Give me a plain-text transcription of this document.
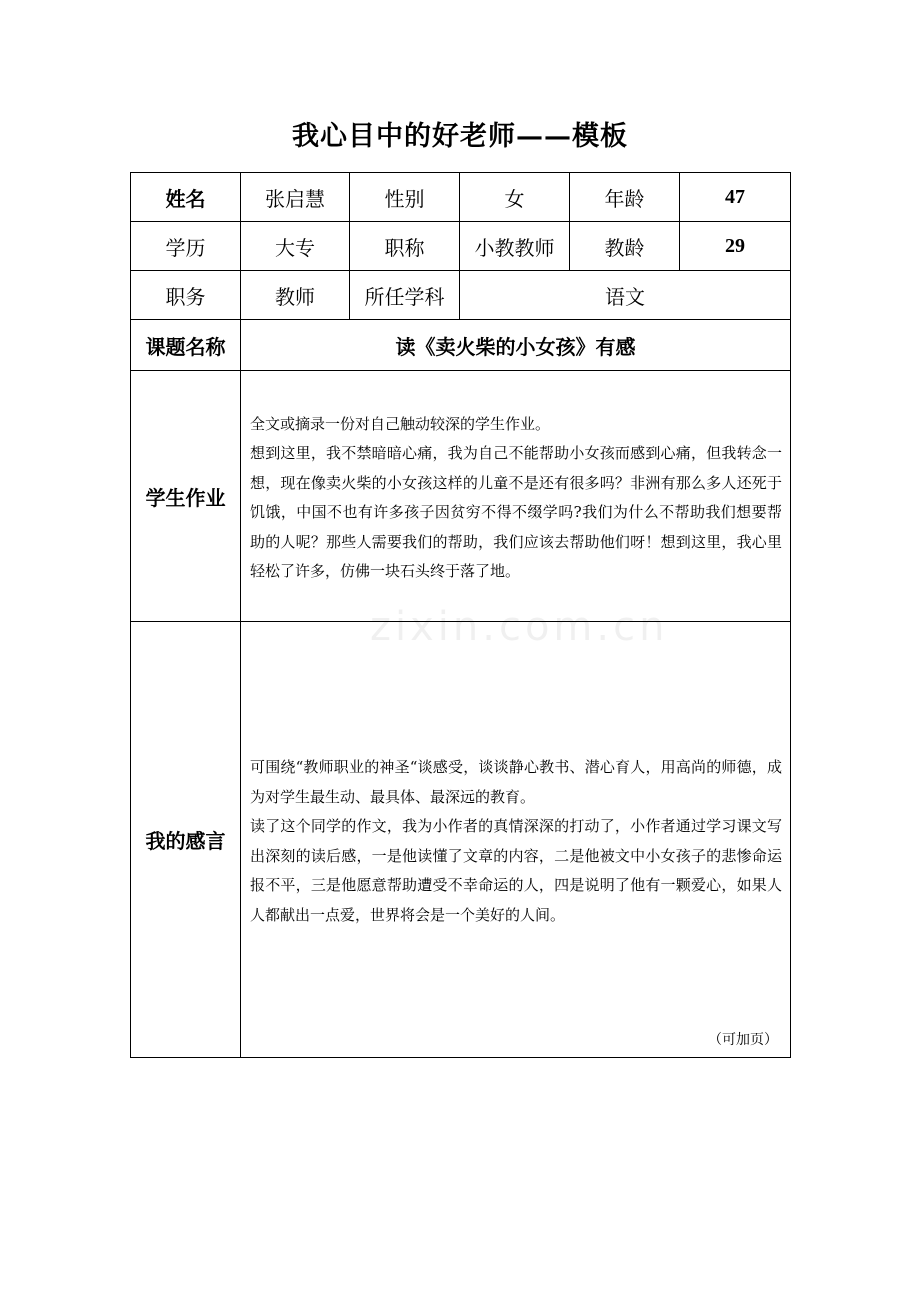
我心目中的好老师——模板
姓名	张启慧	性别	女	年龄	47
学历	大专	职称	小教教师	教龄	29
职务	教师	所任学科	语文		
课题名称	读《卖火柴的小女孩》有感				
学生作业	全文或摘录一份对自己触动较深的学生作业。

想到这里，我不禁暗暗心痛，我为自己不能帮助小女孩而感到心痛，但我转念一想，现在像卖火柴的小女孩这样的儿童不是还有很多吗？非洲有那么多人还死于饥饿，中国不也有许多孩子因贫穷不得不缀学吗?我们为什么不帮助我们想要帮助的人呢？那些人需要我们的帮助，我们应该去帮助他们呀！想到这里，我心里轻松了许多，仿佛一块石头终于落了地。				

我的感言	可围绕“教师职业的神圣“谈感受，谈谈静心教书、潜心育人，用高尚的师德，成为对学生最生动、最具体、最深远的教育。

读了这个同学的作文，我为小作者的真情深深的打动了，小作者通过学习课文写出深刻的读后感，一是他读懂了文章的内容，二是他被文中小女孩子的悲惨命运报不平，三是他愿意帮助遭受不幸命运的人，四是说明了他有一颗爱心，如果人人都献出一点爱，世界将会是一个美好的人间。

（可加页）				
zixin.com.cn
